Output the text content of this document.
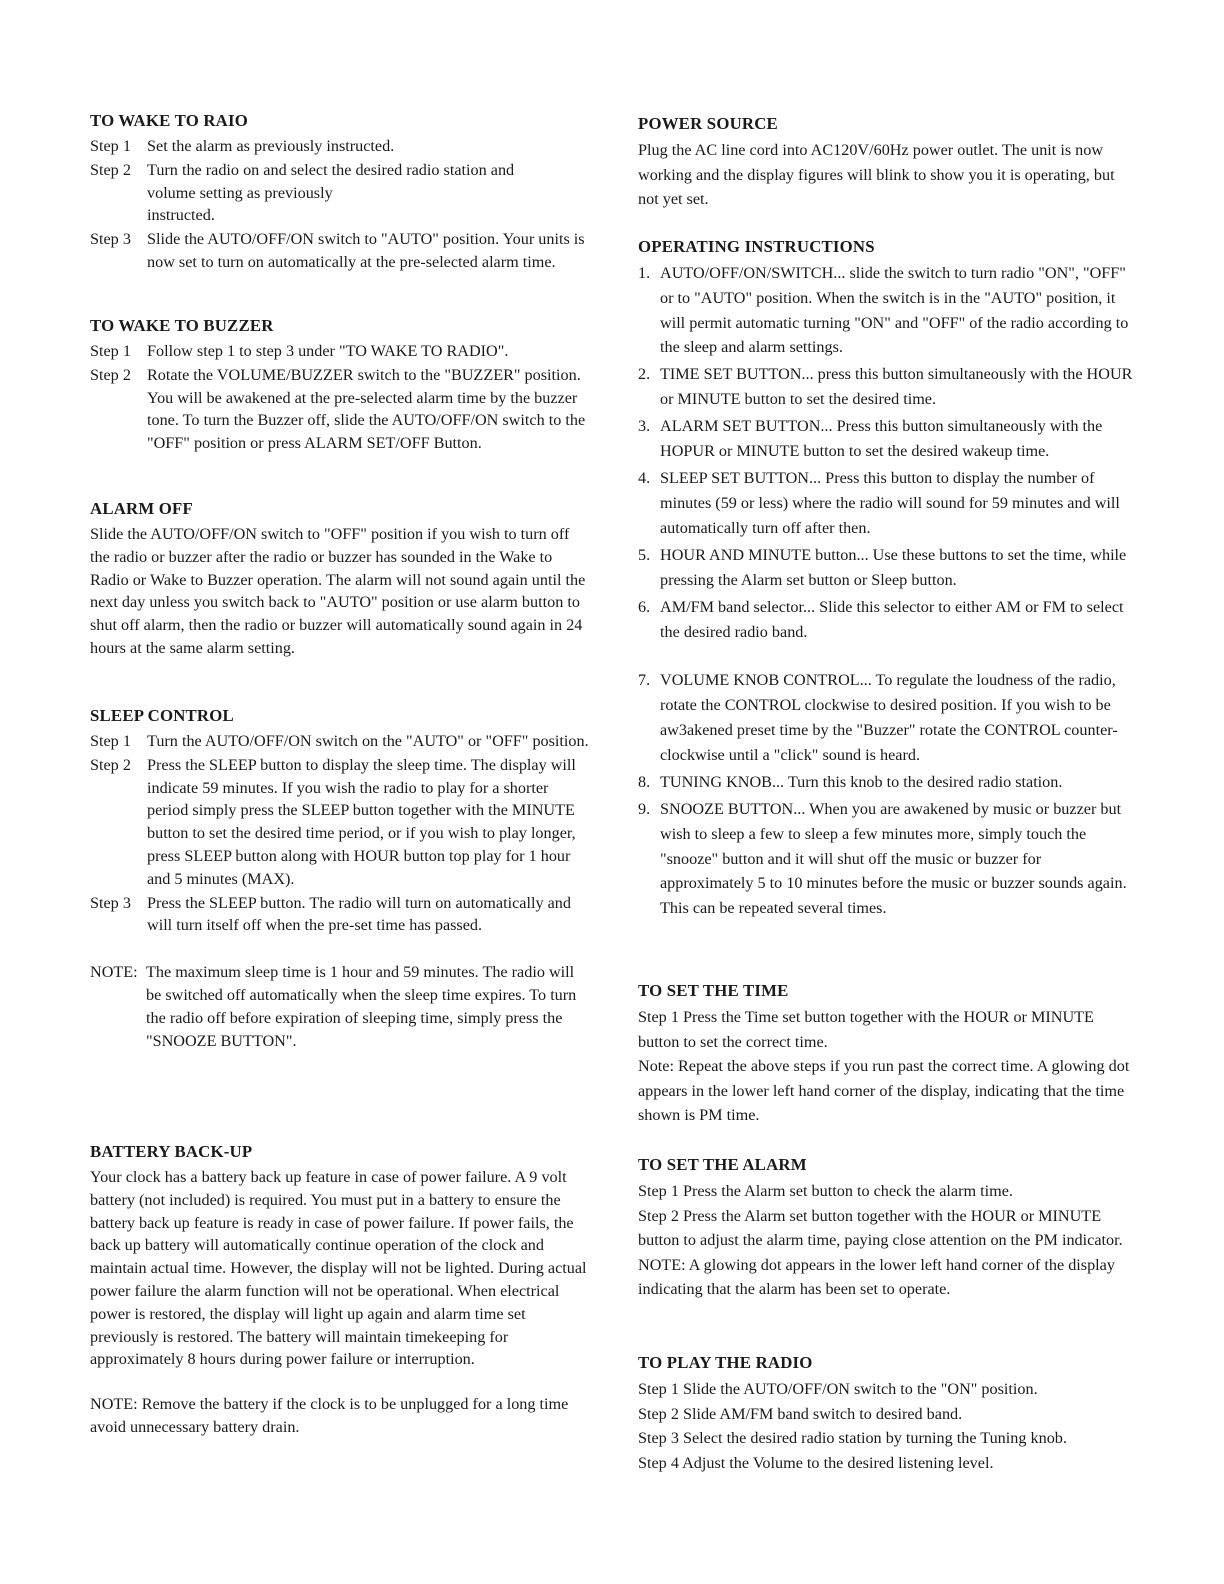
TO WAKE TO RAIO
Step 1 Set the alarm as previously instructed.
Step 2 Turn the radio on and select the desired radio station and
volume setting as previously
instructed.
Step 3 Slide the AUTO/OFF/ON switch to "AUTO" position. Your units is now set to turn on automatically at the pre-selected alarm time.
TO WAKE TO BUZZER
Step 1 Follow step 1 to step 3 under "TO WAKE TO RADIO".
Step 2 Rotate the VOLUME/BUZZER switch to the "BUZZER" position. You will be awakened at the pre-selected alarm time by the buzzer tone. To turn the Buzzer off, slide the AUTO/OFF/ON switch to the "OFF" position or press ALARM SET/OFF Button.
ALARM OFF

Slide the AUTO/OFF/ON switch to "OFF" position if you wish to turn off the radio or buzzer after the radio or buzzer has sounded in the Wake to Radio or Wake to Buzzer operation. The alarm will not sound again until the next day unless you switch back to "AUTO" position or use alarm button to shut off alarm, then the radio or buzzer will automatically sound again in 24 hours at the same alarm setting.

SLEEP CONTROL
Step 1 Turn the AUTO/OFF/ON switch on the "AUTO" or "OFF" position.
Step 2 Press the SLEEP button to display the sleep time. The display will indicate 59 minutes. If you wish the radio to play for a shorter period simply press the SLEEP button together with the MINUTE button to set the desired time period, or if you wish to play longer, press SLEEP button along with HOUR button top play for 1 hour and 5 minutes (MAX).
Step 3 Press the SLEEP button. The radio will turn on automatically and will turn itself off when the pre-set time has passed.
NOTE: The maximum sleep time is 1 hour and 59 minutes. The radio will be switched off automatically when the sleep time expires. To turn the radio off before expiration of sleeping time, simply press the "SNOOZE BUTTON".
BATTERY BACK-UP

Your clock has a battery back up feature in case of power failure. A 9 volt battery (not included) is required. You must put in a battery to ensure the battery back up feature is ready in case of power failure. If power fails, the back up battery will automatically continue operation of the clock and maintain actual time. However, the display will not be lighted. During actual power failure the alarm function will not be operational. When electrical power is restored, the display will light up again and alarm time set previously is restored. The battery will maintain timekeeping for approximately 8 hours during power failure or interruption.

NOTE: Remove the battery if the clock is to be unplugged for a long time avoid unnecessary battery drain.

POWER SOURCE

Plug the AC line cord into AC120V/60Hz power outlet. The unit is now working and the display figures will blink to show you it is operating, but not yet set.

OPERATING INSTRUCTIONS
1. AUTO/OFF/ON/SWITCH... slide the switch to turn radio "ON", "OFF" or to "AUTO" position. When the switch is in the "AUTO" position, it will permit automatic turning "ON" and "OFF" of the radio according to the sleep and alarm settings.
2. TIME SET BUTTON... press this button simultaneously with the HOUR or MINUTE button to set the desired time.
3. ALARM SET BUTTON... Press this button simultaneously with the HOPUR or MINUTE button to set the desired wakeup time.
4. SLEEP SET BUTTON... Press this button to display the number of minutes (59 or less) where the radio will sound for 59 minutes and will automatically turn off after then.
5. HOUR AND MINUTE button... Use these buttons to set the time, while pressing the Alarm set button or Sleep button.
6. AM/FM band selector... Slide this selector to either AM or FM to select the desired radio band.
7. VOLUME KNOB CONTROL... To regulate the loudness of the radio, rotate the CONTROL clockwise to desired position. If you wish to be aw3akened preset time by the "Buzzer" rotate the CONTROL counter-clockwise until a "click" sound is heard.
8. TUNING KNOB... Turn this knob to the desired radio station.
9. SNOOZE BUTTON... When you are awakened by music or buzzer but wish to sleep a few to sleep a few minutes more, simply touch the "snooze" button and it will shut off the music or buzzer for approximately 5 to 10 minutes before the music or buzzer sounds again. This can be repeated several times.
TO SET THE TIME
Step 1 Press the Time set button together with the HOUR or MINUTE button to set the correct time.
Note: Repeat the above steps if you run past the correct time. A glowing dot appears in the lower left hand corner of the display, indicating that the time shown is PM time.
TO SET THE ALARM
Step 1 Press the Alarm set button to check the alarm time.
Step 2 Press the Alarm set button together with the HOUR or MINUTE button to adjust the alarm time, paying close attention on the PM indicator.
NOTE: A glowing dot appears in the lower left hand corner of the display indicating that the alarm has been set to operate.
TO PLAY THE RADIO
Step 1 Slide the AUTO/OFF/ON switch to the "ON" position.
Step 2 Slide AM/FM band switch to desired band.
Step 3 Select the desired radio station by turning the Tuning knob.
Step 4 Adjust the Volume to the desired listening level.
